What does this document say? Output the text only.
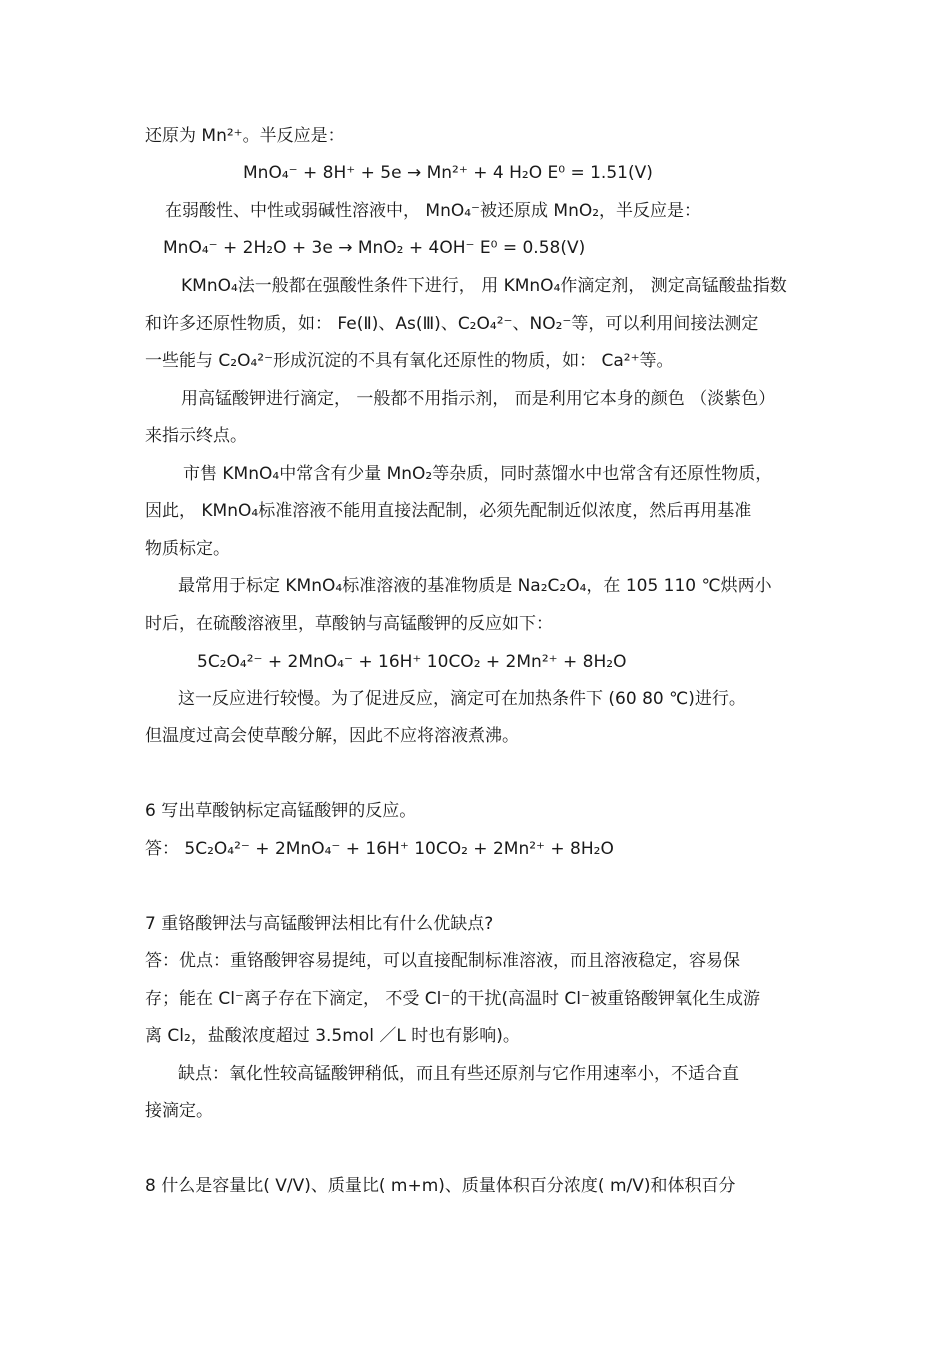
还原为 Mn²⁺。半反应是：
MnO₄⁻ + 8H⁺ + 5e → Mn²⁺ + 4 H₂O E⁰ = 1.51(V)
在弱酸性、中性或弱碱性溶液中， MnO₄⁻被还原成 MnO₂，半反应是：
MnO₄⁻ + 2H₂O + 3e → MnO₂ + 4OH⁻ E⁰ = 0.58(V)
KMnO₄法一般都在强酸性条件下进行， 用 KMnO₄作滴定剂， 测定高锰酸盐指数
和许多还原性物质，如： Fe(Ⅱ)、As(Ⅲ)、C₂O₄²⁻、NO₂⁻等，可以利用间接法测定
一些能与 C₂O₄²⁻形成沉淀的不具有氧化还原性的物质，如： Ca²⁺等。
用高锰酸钾进行滴定， 一般都不用指示剂， 而是利用它本身的颜色 （淡紫色）
来指示终点。
市售 KMnO₄中常含有少量 MnO₂等杂质，同时蒸馏水中也常含有还原性物质，
因此， KMnO₄标准溶液不能用直接法配制，必须先配制近似浓度，然后再用基准
物质标定。
最常用于标定 KMnO₄标准溶液的基准物质是 Na₂C₂O₄，在 105 110 ℃烘两小
时后，在硫酸溶液里，草酸钠与高锰酸钾的反应如下：
5C₂O₄²⁻ + 2MnO₄⁻ + 16H⁺ 10CO₂ + 2Mn²⁺ + 8H₂O
这一反应进行较慢。为了促进反应，滴定可在加热条件下 (60 80 ℃)进行。
但温度过高会使草酸分解，因此不应将溶液煮沸。
6 写出草酸钠标定高锰酸钾的反应。
答： 5C₂O₄²⁻ + 2MnO₄⁻ + 16H⁺ 10CO₂ + 2Mn²⁺ + 8H₂O
7 重铬酸钾法与高锰酸钾法相比有什么优缺点?
答：优点：重铬酸钾容易提纯，可以直接配制标准溶液，而且溶液稳定，容易保
存；能在 Cl⁻离子存在下滴定， 不受 Cl⁻的干扰(高温时 Cl⁻被重铬酸钾氧化生成游
离 Cl₂，盐酸浓度超过 3.5mol ／L 时也有影响)。
缺点：氧化性较高锰酸钾稍低，而且有些还原剂与它作用速率小，不适合直
接滴定。
8 什么是容量比( V/V)、质量比( m+m)、质量体积百分浓度( m/V)和体积百分
